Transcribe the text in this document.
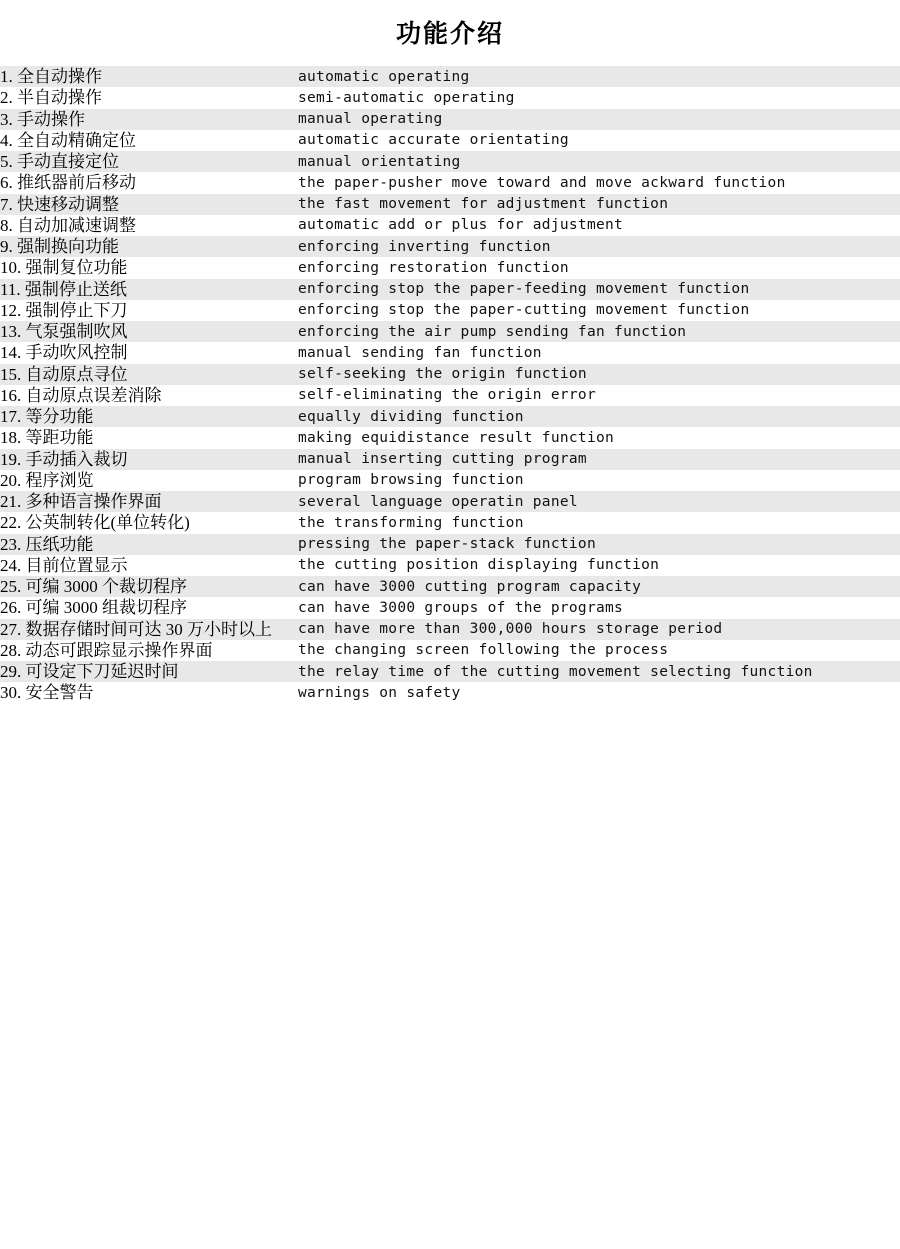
功能介绍
1. 全自动操作	automatic operating
2. 半自动操作	semi-automatic operating
3. 手动操作	manual operating
4. 全自动精确定位	automatic accurate orientating
5. 手动直接定位	manual orientating
6. 推纸器前后移动	the paper-pusher move toward and move ackward function
7. 快速移动调整	the fast movement for adjustment function
8. 自动加减速调整	automatic add or plus for adjustment
9. 强制换向功能	enforcing inverting function
10. 强制复位功能	enforcing restoration function
11. 强制停止送纸	enforcing stop the paper-feeding movement function
12. 强制停止下刀	enforcing stop the paper-cutting movement function
13. 气泵强制吹风	enforcing the air pump sending fan function
14. 手动吹风控制	manual sending fan function
15. 自动原点寻位	self-seeking the origin function
16. 自动原点误差消除	self-eliminating the origin error
17. 等分功能	equally dividing function
18. 等距功能	making equidistance result function
19. 手动插入裁切	manual inserting cutting program
20. 程序浏览	program browsing function
21. 多种语言操作界面	several language operatin panel
22. 公英制转化(单位转化)	the transforming function
23. 压纸功能	pressing the paper-stack function
24. 目前位置显示	the cutting position displaying function
25. 可编 3000 个裁切程序	can have 3000 cutting program capacity
26. 可编 3000 组裁切程序	can have 3000 groups of the programs
27. 数据存储时间可达 30 万小时以上	can have more than 300,000 hours storage period
28. 动态可跟踪显示操作界面	the changing screen following the process
29. 可设定下刀延迟时间	the relay time of the cutting movement selecting function
30. 安全警告	warnings on safety
